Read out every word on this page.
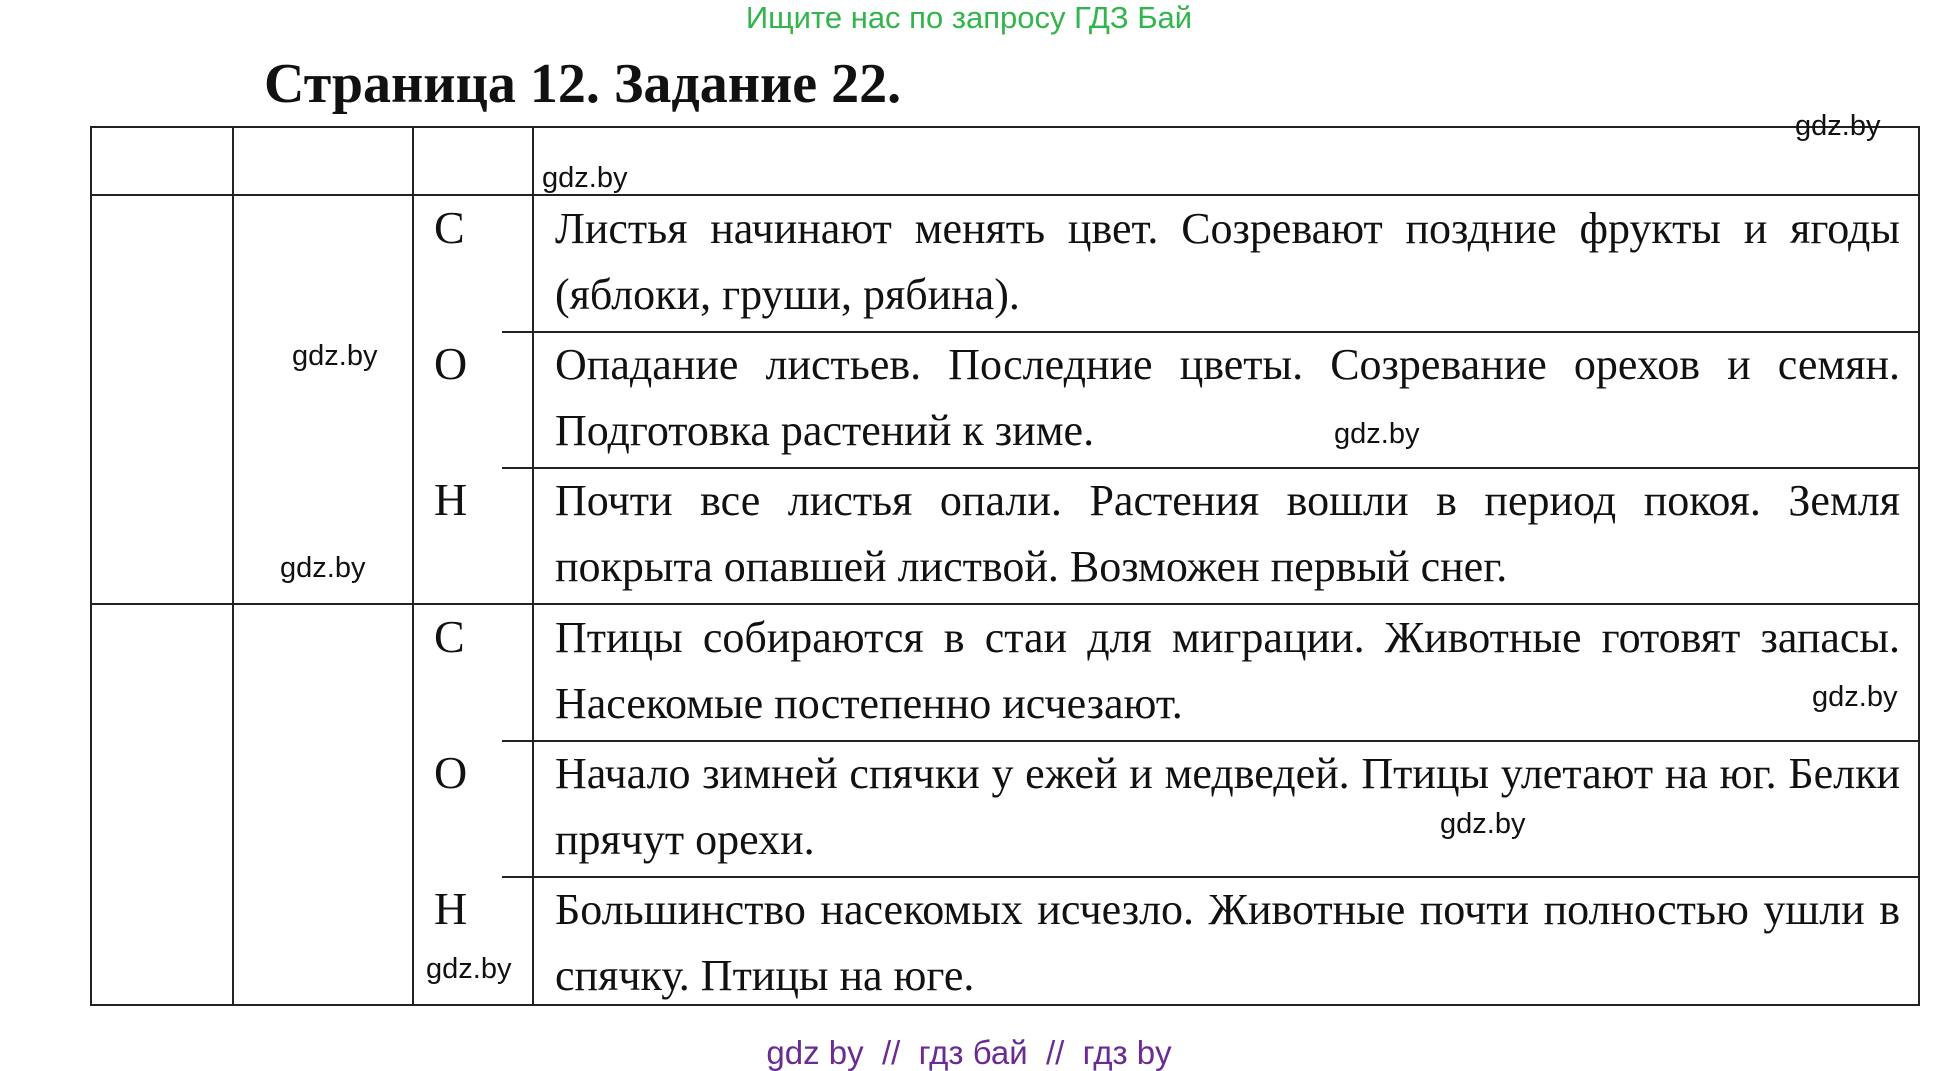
Ищите нас по запросу ГДЗ Бай
Страница 12. Задание 22.
С
О
Н
С
О
Н
Листья начинают менять цвет. Созревают поздние фрукты и ягоды (яблоки, груши, рябина).
Опадание листьев. Последние цветы. Созревание орехов и семян. Подготовка растений к зиме.
Почти все листья опали. Растения вошли в период покоя. Земля покрыта опавшей листвой. Возможен первый снег.
Птицы собираются в стаи для миграции. Животные готовят запасы. Насекомые постепенно исчезают.
Начало зимней спячки у ежей и медведей. Птицы улетают на юг. Белки прячут орехи.
Большинство насекомых исчезло. Животные почти полностью ушли в спячку. Птицы на юге.
gdz.by
gdz.by
gdz.by
gdz.by
gdz.by
gdz.by
gdz.by
gdz.by
gdz by  //  гдз бай  //  гдз by
